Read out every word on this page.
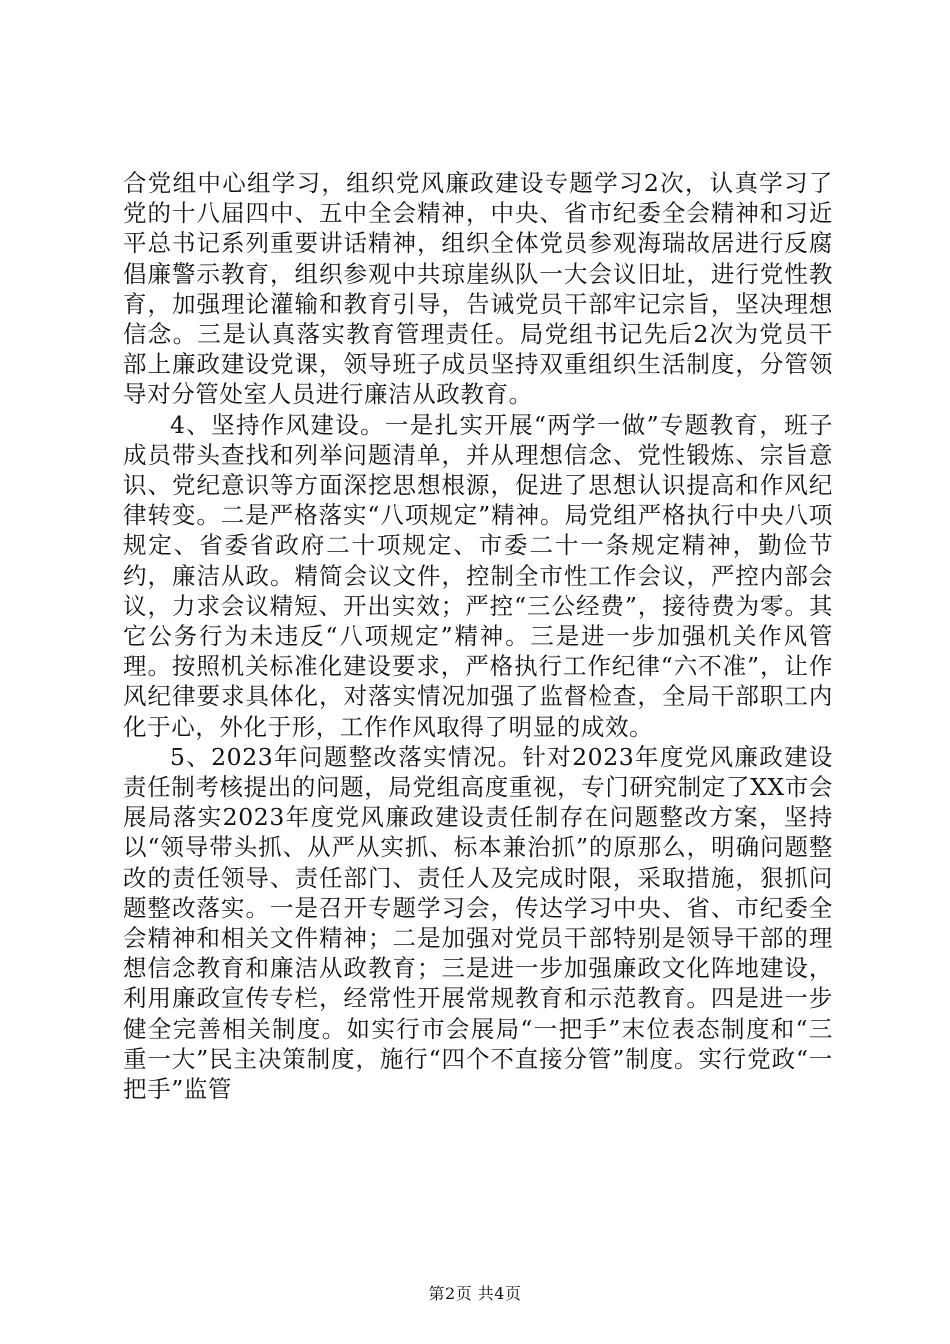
合党组中心组学习，组织党风廉政建设专题学习2次，认真学习了党的十八届四中、五中全会精神，中央、省市纪委全会精神和习近平总书记系列重要讲话精神，组织全体党员参观海瑞故居进行反腐倡廉警示教育，组织参观中共琼崖纵队一大会议旧址，进行党性教育，加强理论灌输和教育引导，告诫党员干部牢记宗旨，坚决理想信念。三是认真落实教育管理责任。局党组书记先后2次为党员干部上廉政建设党课，领导班子成员坚持双重组织生活制度，分管领导对分管处室人员进行廉洁从政教育。

4、坚持作风建设。一是扎实开展“两学一做”专题教育，班子成员带头查找和列举问题清单，并从理想信念、党性锻炼、宗旨意识、党纪意识等方面深挖思想根源，促进了思想认识提高和作风纪律转变。二是严格落实“八项规定”精神。局党组严格执行中央八项规定、省委省政府二十项规定、市委二十一条规定精神，勤俭节约，廉洁从政。精简会议文件，控制全市性工作会议，严控内部会议，力求会议精短、开出实效；严控“三公经费”，接待费为零。其它公务行为未违反“八项规定”精神。三是进一步加强机关作风管理。按照机关标准化建设要求，严格执行工作纪律“六不准”，让作风纪律要求具体化，对落实情况加强了监督检查，全局干部职工内化于心，外化于形，工作作风取得了明显的成效。

5、2023年问题整改落实情况。针对2023年度党风廉政建设责任制考核提出的问题，局党组高度重视，专门研究制定了XX市会展局落实2023年度党风廉政建设责任制存在问题整改方案，坚持以“领导带头抓、从严从实抓、标本兼治抓”的原那么，明确问题整改的责任领导、责任部门、责任人及完成时限，采取措施，狠抓问题整改落实。一是召开专题学习会，传达学习中央、省、市纪委全会精神和相关文件精神；二是加强对党员干部特别是领导干部的理想信念教育和廉洁从政教育；三是进一步加强廉政文化阵地建设，利用廉政宣传专栏，经常性开展常规教育和示范教育。四是进一步健全完善相关制度。如实行市会展局“一把手”末位表态制度和“三重一大”民主决策制度，施行“四个不直接分管”制度。实行党政“一把手”监管

第2页 共4页
